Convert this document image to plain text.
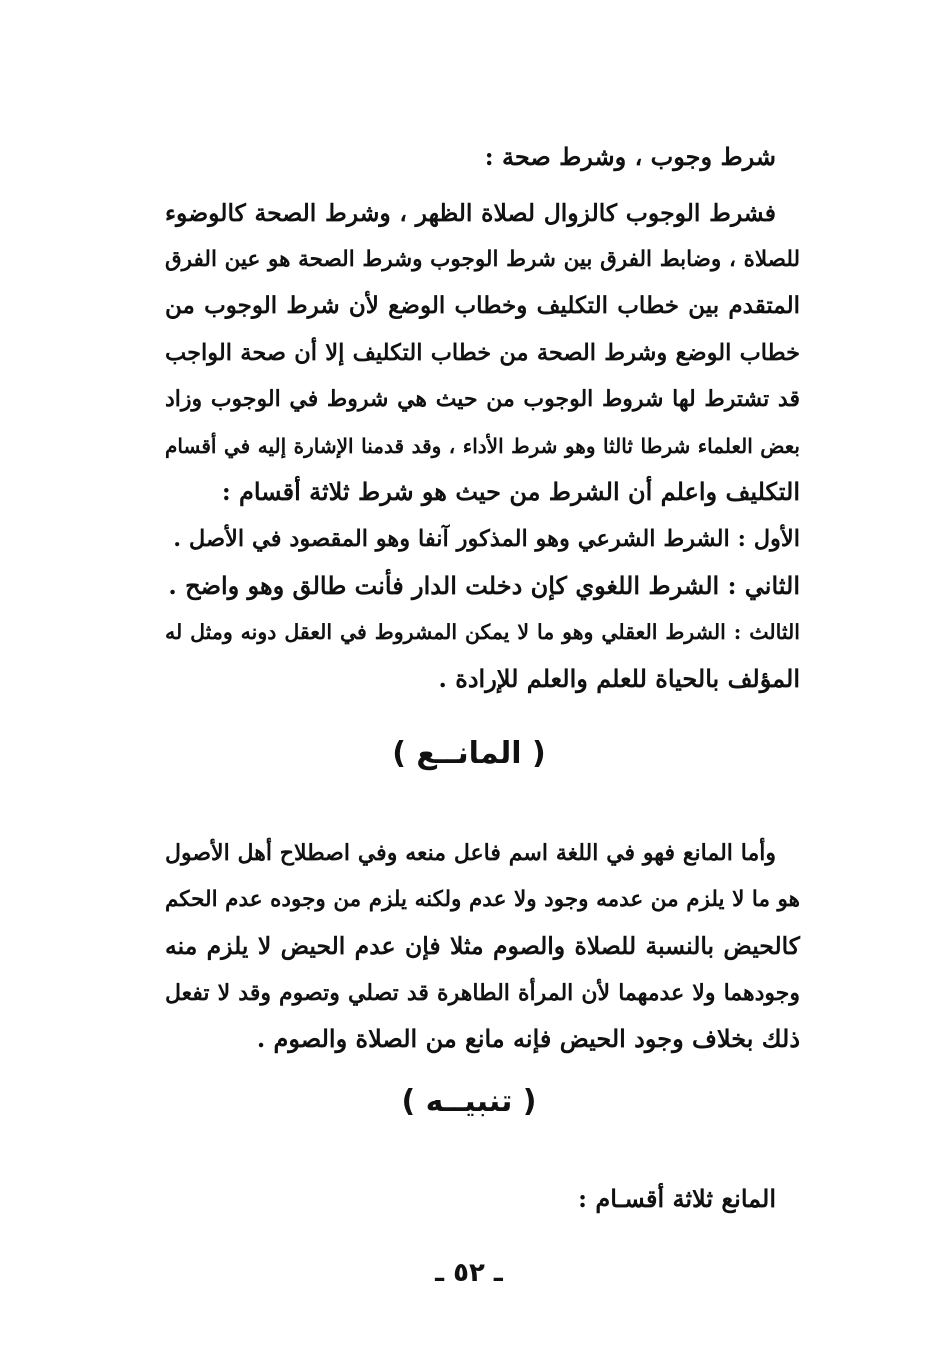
شرط وجوب ، وشرط صحة :
فشرط الوجوب كالزوال لصلاة الظهر ، وشرط الصحة كالوضوء
للصلاة ، وضابط الفرق بين شرط الوجوب وشرط الصحة هو عين الفرق
المتقدم بين خطاب التكليف وخطاب الوضع لأن شرط الوجوب من
خطاب الوضع وشرط الصحة من خطاب التكليف إلا أن صحة الواجب
قد تشترط لها شروط الوجوب من حيث هي شروط في الوجوب وزاد
بعض العلماء شرطا ثالثا وهو شرط الأداء ، وقد قدمنا الإشارة إليه في أقسام
التكليف واعلم أن الشرط من حيث هو شرط ثلاثة أقسام :
الأول : الشرط الشرعي وهو المذكور آنفا وهو المقصود في الأصل .
الثاني : الشرط اللغوي كإن دخلت الدار فأنت طالق وهو واضح .
الثالث : الشرط العقلي وهو ما لا يمكن المشروط في العقل دونه ومثل له
المؤلف بالحياة للعلم والعلم للإرادة .
( المانــع )
وأما المانع فهو في اللغة اسم فاعل منعه وفي اصطلاح أهل الأصول
هو ما لا يلزم من عدمه وجود ولا عدم ولكنه يلزم من وجوده عدم الحكم
كالحيض بالنسبة للصلاة والصوم مثلا فإن عدم الحيض لا يلزم منه
وجودهما ولا عدمهما لأن المرأة الطاهرة قد تصلي وتصوم وقد لا تفعل
ذلك بخلاف وجود الحيض فإنه مانع من الصلاة والصوم .
( تنبيــه )
المانع ثلاثة أقسـام :
ـ ٥٢ ـ
